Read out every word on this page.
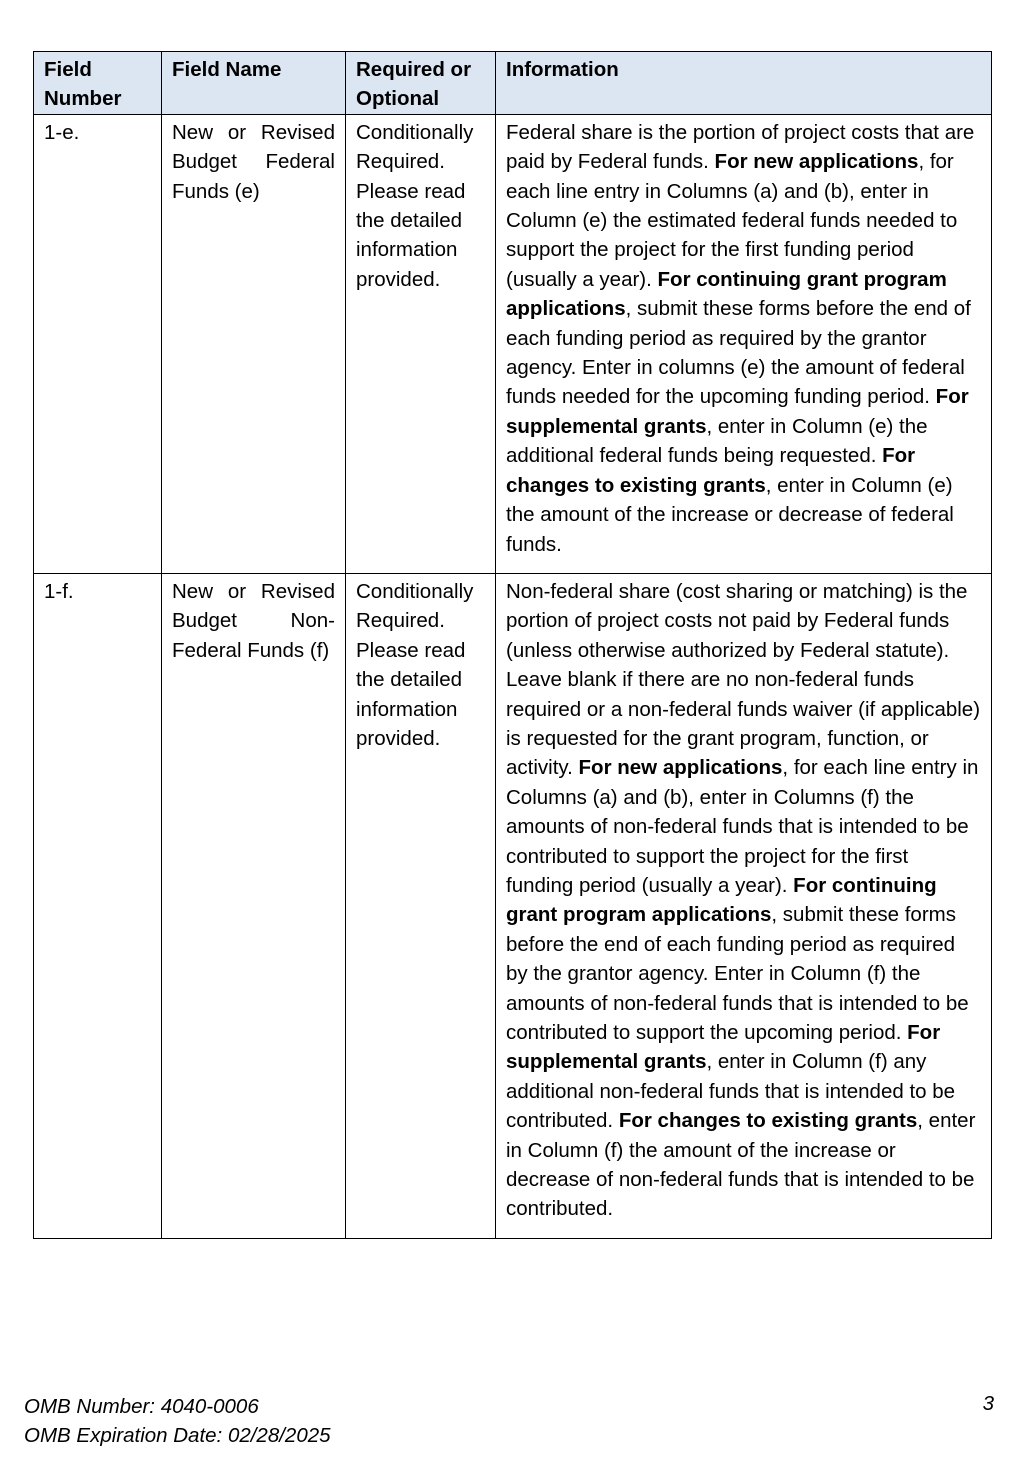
Field Number	Field Name	Required or Optional	Information
1-e.	New or Revised Budget Federal Funds (e)	Conditionally Required. Please read the detailed information provided.	Federal share is the portion of project costs that are paid by Federal funds. For new applications, for each line entry in Columns (a) and (b), enter in Column (e) the estimated federal funds needed to support the project for the first funding period (usually a year). For continuing grant program applications, submit these forms before the end of each funding period as required by the grantor agency. Enter in columns (e) the amount of federal funds needed for the upcoming funding period. For supplemental grants, enter in Column (e) the additional federal funds being requested. For changes to existing grants, enter in Column (e) the amount of the increase or decrease of federal funds.
1-f.	New or Revised Budget Non-Federal Funds (f)	Conditionally Required. Please read the detailed information provided.	Non-federal share (cost sharing or matching) is the portion of project costs not paid by Federal funds (unless otherwise authorized by Federal statute). Leave blank if there are no non-federal funds required or a non-federal funds waiver (if applicable) is requested for the grant program, function, or activity. For new applications, for each line entry in Columns (a) and (b), enter in Columns (f) the amounts of non-federal funds that is intended to be contributed to support the project for the first funding period (usually a year). For continuing grant program applications, submit these forms before the end of each funding period as required by the grantor agency. Enter in Column (f) the amounts of non-federal funds that is intended to be contributed to support the upcoming period. For supplemental grants, enter in Column (f) any additional non-federal funds that is intended to be contributed. For changes to existing grants, enter in Column (f) the amount of the increase or decrease of non-federal funds that is intended to be contributed.
OMB Number: 4040-0006
OMB Expiration Date: 02/28/2025
3
